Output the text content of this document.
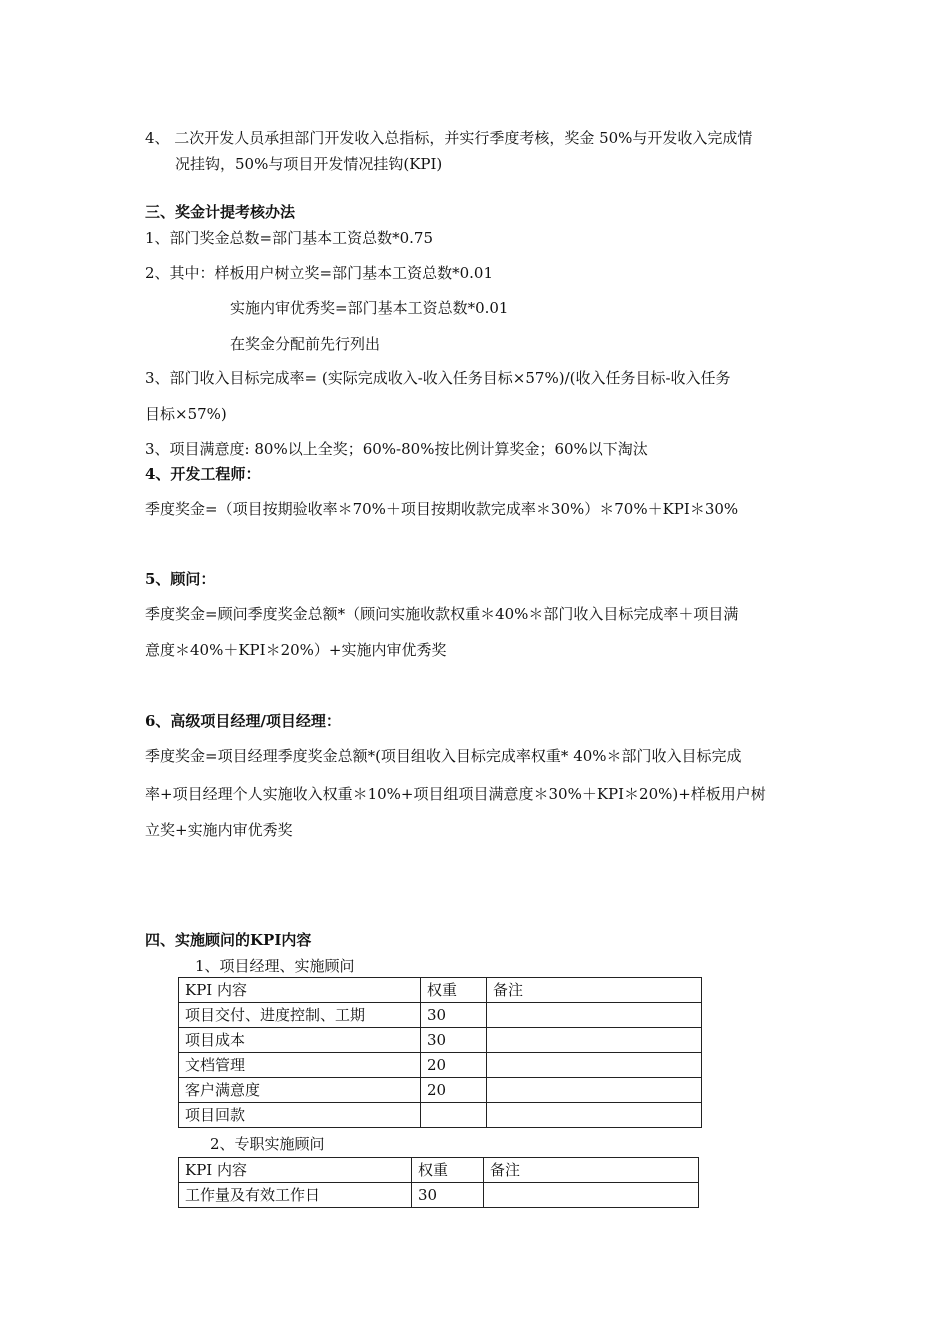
4、 二次开发人员承担部门开发收入总指标，并实行季度考核，奖金 50%与开发收入完成情
况挂钩，50%与项目开发情况挂钩(KPI)
三、奖金计提考核办法
1、部门奖金总数=部门基本工资总数*0.75
2、其中：样板用户树立奖=部门基本工资总数*0.01
实施内审优秀奖=部门基本工资总数*0.01
在奖金分配前先行列出
3、部门收入目标完成率= (实际完成收入-收入任务目标×57%)/(收入任务目标-收入任务
目标×57%)
3、项目满意度: 80%以上全奖；60%-80%按比例计算奖金；60%以下淘汰
4、开发工程师：
季度奖金=（项目按期验收率＊70%＋项目按期收款完成率＊30%）＊70%＋KPI＊30%
5、顾问：
季度奖金=顾问季度奖金总额*（顾问实施收款权重＊40%＊部门收入目标完成率＋项目满
意度＊40%＋KPI＊20%）+实施内审优秀奖
6、高级项目经理/项目经理：
季度奖金=项目经理季度奖金总额*(项目组收入目标完成率权重* 40%＊部门收入目标完成
率+项目经理个人实施收入权重＊10%+项目组项目满意度＊30%＋KPI＊20%)+样板用户树
立奖+实施内审优秀奖
四、实施顾问的KPI内容
1、项目经理、实施顾问
KPI 内容	权重	备注
项目交付、进度控制、工期	30	
项目成本	30	
文档管理	20	
客户满意度	20	
项目回款		
2、专职实施顾问
KPI 内容	权重	备注
工作量及有效工作日	30	
